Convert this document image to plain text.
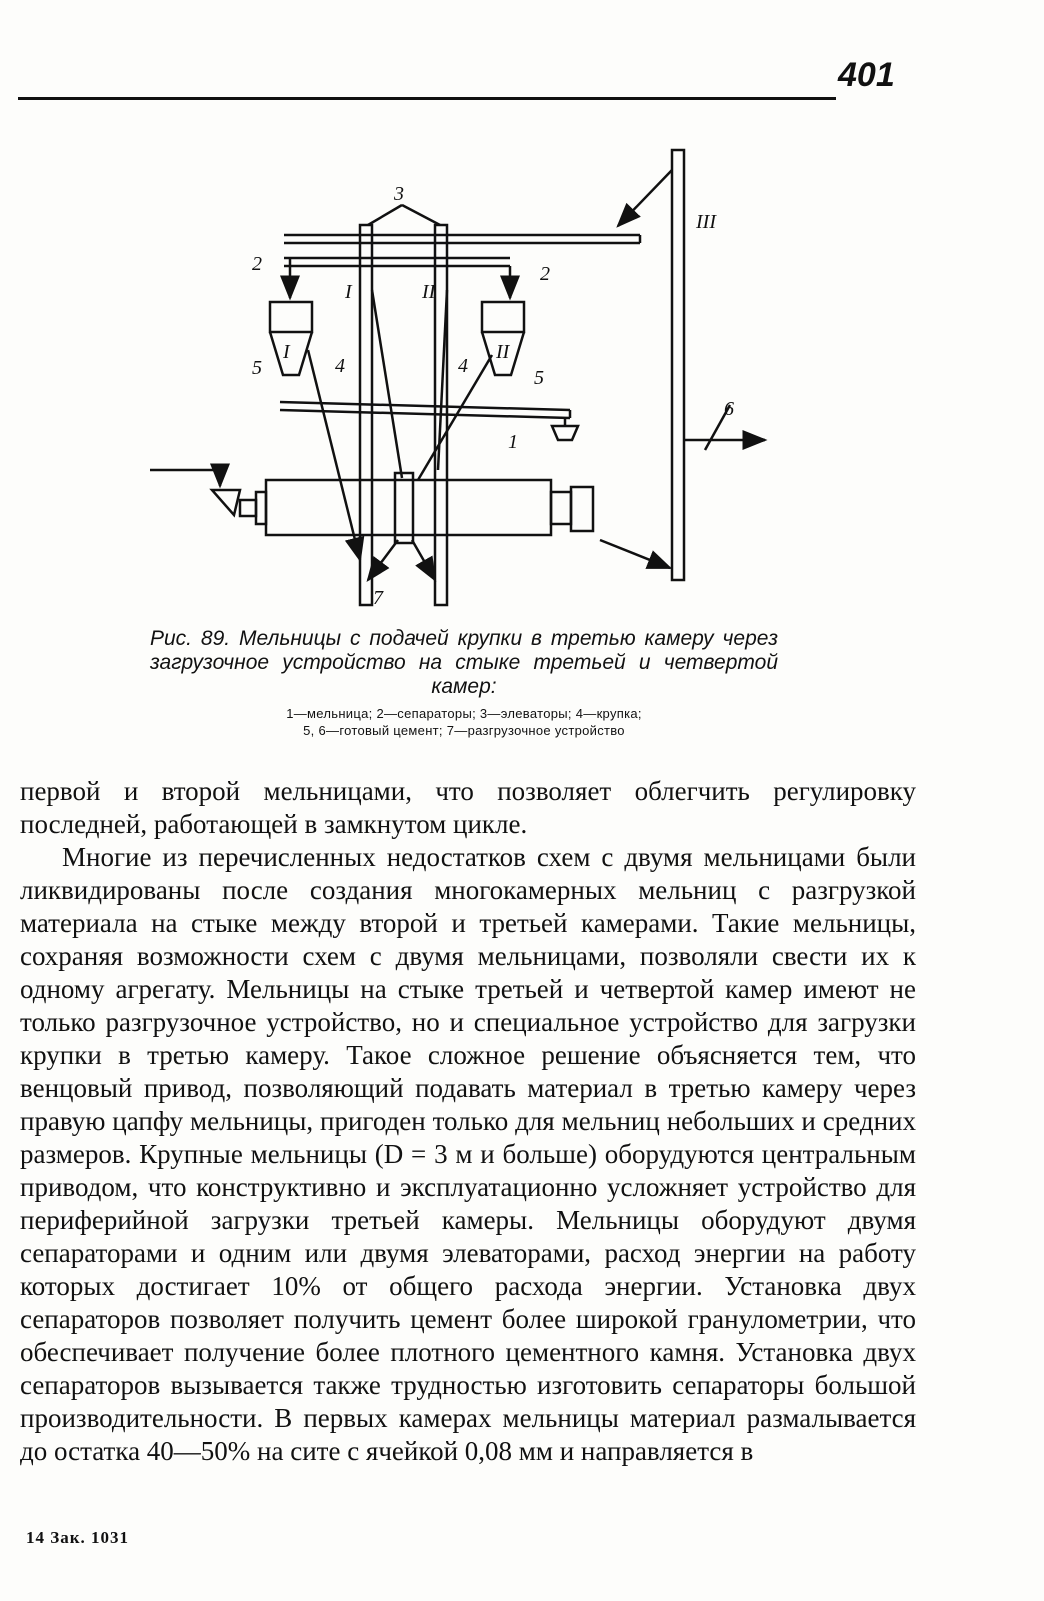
401
3
2	2
5	4	4
5
6
1
7
I	II
I	II
III

Рис. 89. Мельницы с подачей крупки в третью камеру через загрузочное устройство на стыке третьей и четвертой камер:

1—мельница; 2—сепараторы; 3—элеваторы; 4—крупка;
5, 6—готовый цемент; 7—разгрузочное устройство

первой и второй мельницами, что позволяет облегчить регулировку последней, работающей в замкнутом цикле.

Многие из перечисленных недостатков схем с двумя мельницами были ликвидированы после создания многокамерных мельниц с разгрузкой материала на стыке между второй и третьей камерами. Такие мельницы, сохраняя возможности схем с двумя мельницами, позволяли свести их к одному агрегату. Мельницы на стыке третьей и четвертой камер имеют не только разгрузочное устройство, но и специальное устройство для загрузки крупки в третью камеру. Такое сложное решение объясняется тем, что венцовый привод, позволяющий подавать материал в третью камеру через правую цапфу мельницы, пригоден только для мельниц небольших и средних размеров. Крупные мельницы (D = 3 м и больше) оборудуются центральным приводом, что конструктивно и эксплуатационно усложняет устройство для периферийной загрузки третьей камеры. Мельницы оборудуют двумя сепараторами и одним или двумя элеваторами, расход энергии на работу которых достигает 10% от общего расхода энергии. Установка двух сепараторов позволяет получить цемент более широкой гранулометрии, что обеспечивает получение более плотного цементного камня. Установка двух сепараторов вызывается также трудностью изготовить сепараторы большой производительности. В первых камерах мельницы материал размалывается до остатка 40—50% на сите с ячейкой 0,08 мм и направляется в

14 Зак. 1031
